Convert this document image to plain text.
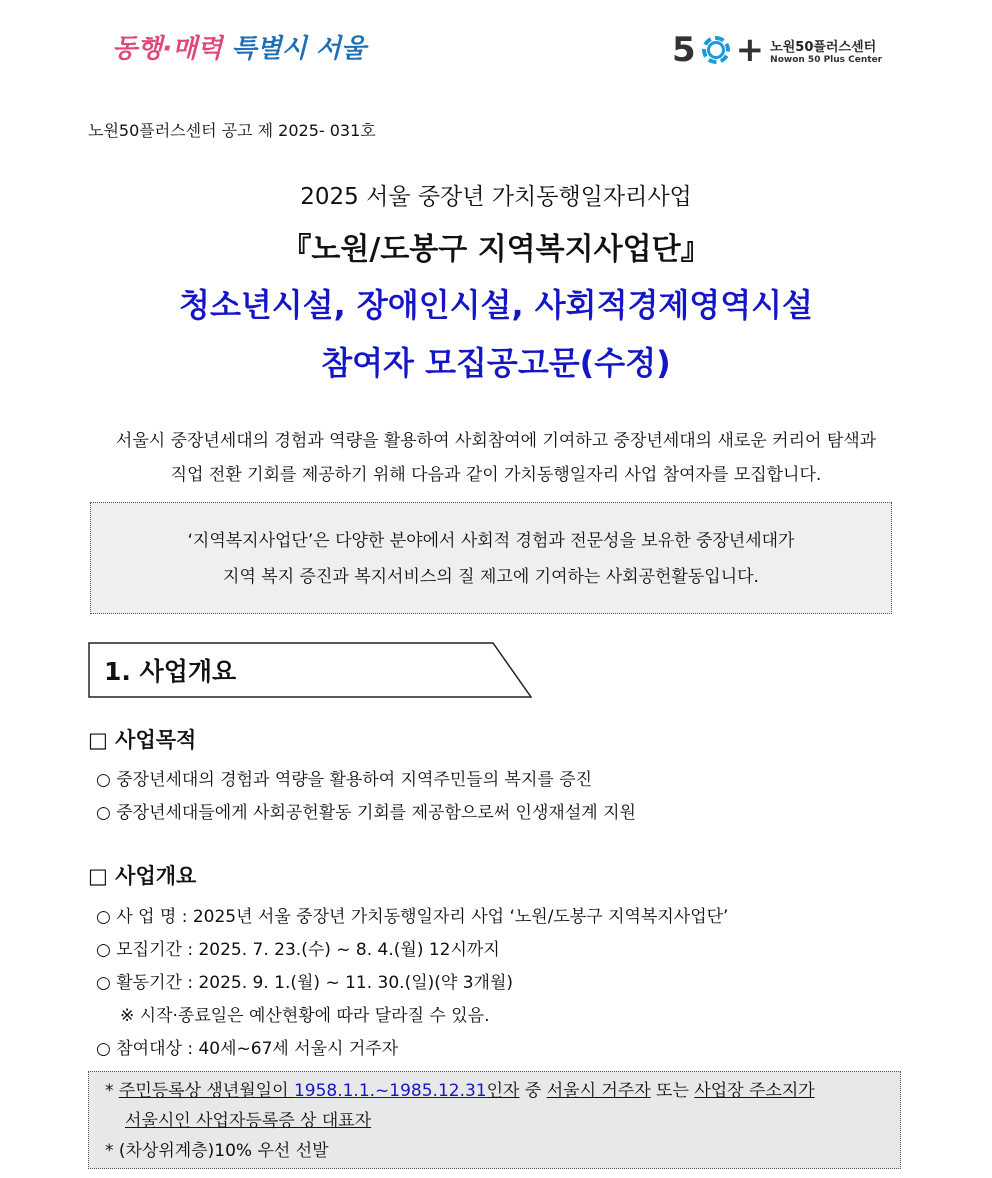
동행·매력 특별시 서울	5 + 노원50플러스센터
Nowon 50 Plus Center
노원50플러스센터 공고 제 2025- 031호
2025 서울 중장년 가치동행일자리사업
『노원/도봉구 지역복지사업단』
청소년시설, 장애인시설, 사회적경제영역시설
참여자 모집공고문(수정)
서울시 중장년세대의 경험과 역량을 활용하여 사회참여에 기여하고 중장년세대의 새로운 커리어 탐색과
직업 전환 기회를 제공하기 위해 다음과 같이 가치동행일자리 사업 참여자를 모집합니다.
‘지역복지사업단’은 다양한 분야에서 사회적 경험과 전문성을 보유한 중장년세대가
지역 복지 증진과 복지서비스의 질 제고에 기여하는 사회공헌활동입니다.
1. 사업개요
□ 사업목적
○ 중장년세대의 경험과 역량을 활용하여 지역주민들의 복지를 증진
○ 중장년세대들에게 사회공헌활동 기회를 제공함으로써 인생재설계 지원
□ 사업개요
○ 사 업 명 : 2025년 서울 중장년 가치동행일자리 사업 ‘노원/도봉구 지역복지사업단’
○ 모집기간 : 2025. 7. 23.(수) ~ 8. 4.(월) 12시까지
○ 활동기간 : 2025. 9. 1.(월) ~ 11. 30.(일)(약 3개월)
※ 시작·종료일은 예산현황에 따라 달라질 수 있음.
○ 참여대상 : 40세~67세 서울시 거주자
* 주민등록상 생년월일이 1958.1.1.~1985.12.31인자 중 서울시 거주자 또는 사업장 주소지가
서울시인 사업자등록증 상 대표자
* (차상위계층)10% 우선 선발
